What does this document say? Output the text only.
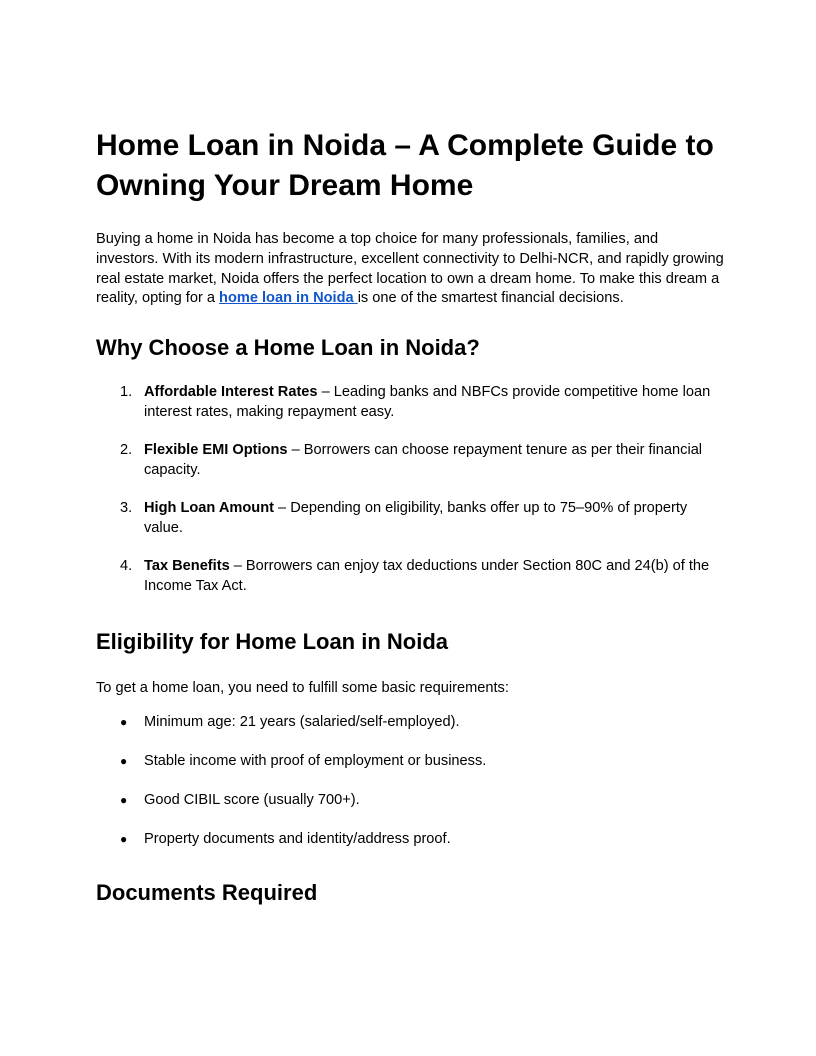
Home Loan in Noida – A Complete Guide to Owning Your Dream Home

Buying a home in Noida has become a top choice for many professionals, families, and investors. With its modern infrastructure, excellent connectivity to Delhi-NCR, and rapidly growing real estate market, Noida offers the perfect location to own a dream home. To make this dream a reality, opting for a home loan in Noida is one of the smartest financial decisions.

Why Choose a Home Loan in Noida?
1. Affordable Interest Rates – Leading banks and NBFCs provide competitive home loan interest rates, making repayment easy.
2. Flexible EMI Options – Borrowers can choose repayment tenure as per their financial capacity.
3. High Loan Amount – Depending on eligibility, banks offer up to 75–90% of property value.
4. Tax Benefits – Borrowers can enjoy tax deductions under Section 80C and 24(b) of the Income Tax Act.
Eligibility for Home Loan in Noida

To get a home loan, you need to fulfill some basic requirements:

● Minimum age: 21 years (salaried/self-employed).
● Stable income with proof of employment or business.
● Good CIBIL score (usually 700+).
● Property documents and identity/address proof.
Documents Required
